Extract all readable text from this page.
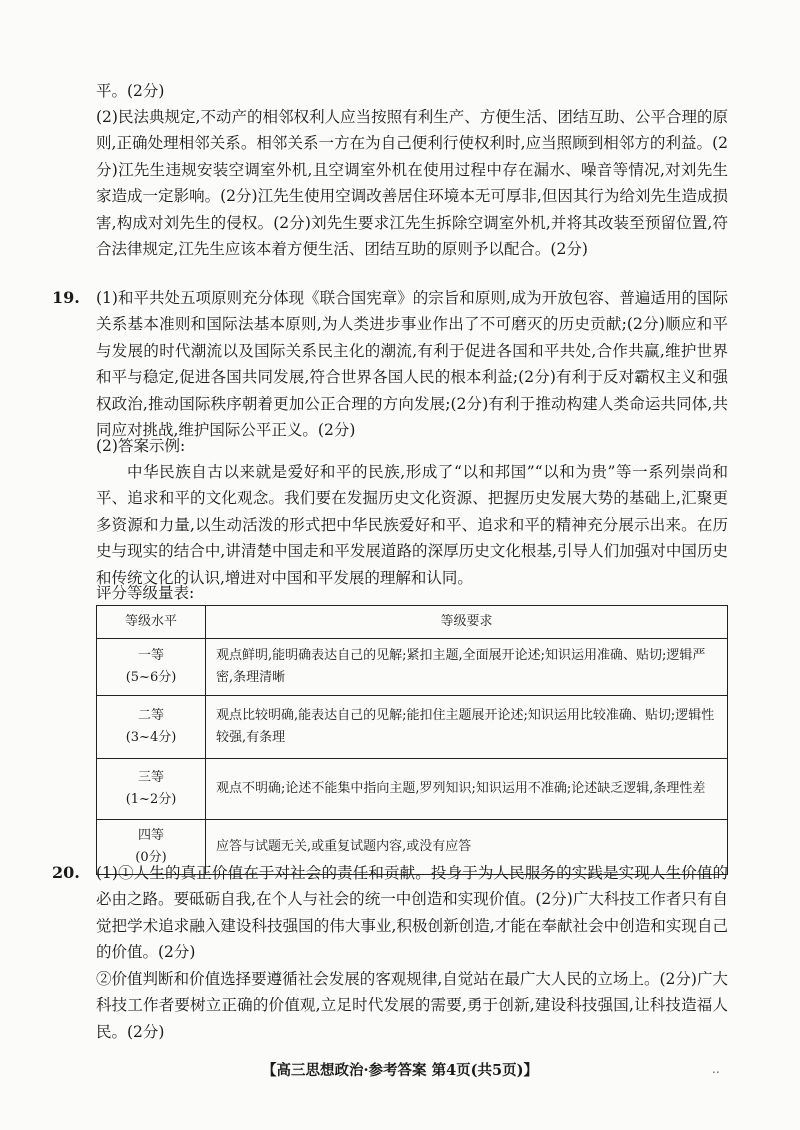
平。(2分)

(2)民法典规定,不动产的相邻权利人应当按照有利生产、方便生活、团结互助、公平合理的原则,正确处理相邻关系。相邻关系一方在为自己便利行使权利时,应当照顾到相邻方的利益。(2分)江先生违规安装空调室外机,且空调室外机在使用过程中存在漏水、噪音等情况,对刘先生家造成一定影响。(2分)江先生使用空调改善居住环境本无可厚非,但因其行为给刘先生造成损害,构成对刘先生的侵权。(2分)刘先生要求江先生拆除空调室外机,并将其改装至预留位置,符合法律规定,江先生应该本着方便生活、团结互助的原则予以配合。(2分)

19. (1)和平共处五项原则充分体现《联合国宪章》的宗旨和原则,成为开放包容、普遍适用的国际关系基本准则和国际法基本原则,为人类进步事业作出了不可磨灭的历史贡献;(2分)顺应和平与发展的时代潮流以及国际关系民主化的潮流,有利于促进各国和平共处,合作共赢,维护世界和平与稳定,促进各国共同发展,符合世界各国人民的根本利益;(2分)有利于反对霸权主义和强权政治,推动国际秩序朝着更加公正合理的方向发展;(2分)有利于推动构建人类命运共同体,共同应对挑战,维护国际公平正义。(2分)

(2)答案示例:

中华民族自古以来就是爱好和平的民族,形成了“以和邦国”“以和为贵”等一系列崇尚和平、追求和平的文化观念。我们要在发掘历史文化资源、把握历史发展大势的基础上,汇聚更多资源和力量,以生动活泼的形式把中华民族爱好和平、追求和平的精神充分展示出来。在历史与现实的结合中,讲清楚中国走和平发展道路的深厚历史文化根基,引导人们加强对中国历史和传统文化的认识,增进对中国和平发展的理解和认同。

评分等级量表:

等级水平	等级要求

一等
(5~6分)	观点鲜明,能明确表达自己的见解;紧扣主题,全面展开论述;知识运用准确、贴切;逻辑严密,条理清晰

二等
(3~4分)	观点比较明确,能表达自己的见解;能扣住主题展开论述;知识运用比较准确、贴切;逻辑性较强,有条理

三等
(1~2分)	观点不明确;论述不能集中指向主题,罗列知识;知识运用不准确;论述缺乏逻辑,条理性差

四等
(0分)	应答与试题无关,或重复试题内容,或没有应答
20. (1)①人生的真正价值在于对社会的责任和贡献。投身于为人民服务的实践是实现人生价值的必由之路。要砥砺自我,在个人与社会的统一中创造和实现价值。(2分)广大科技工作者只有自觉把学术追求融入建设科技强国的伟大事业,积极创新创造,才能在奉献社会中创造和实现自己的价值。(2分)

②价值判断和价值选择要遵循社会发展的客观规律,自觉站在最广大人民的立场上。(2分)广大科技工作者要树立正确的价值观,立足时代发展的需要,勇于创新,建设科技强国,让科技造福人民。(2分)

【高三思想政治·参考答案 第4页(共5页)】	..
